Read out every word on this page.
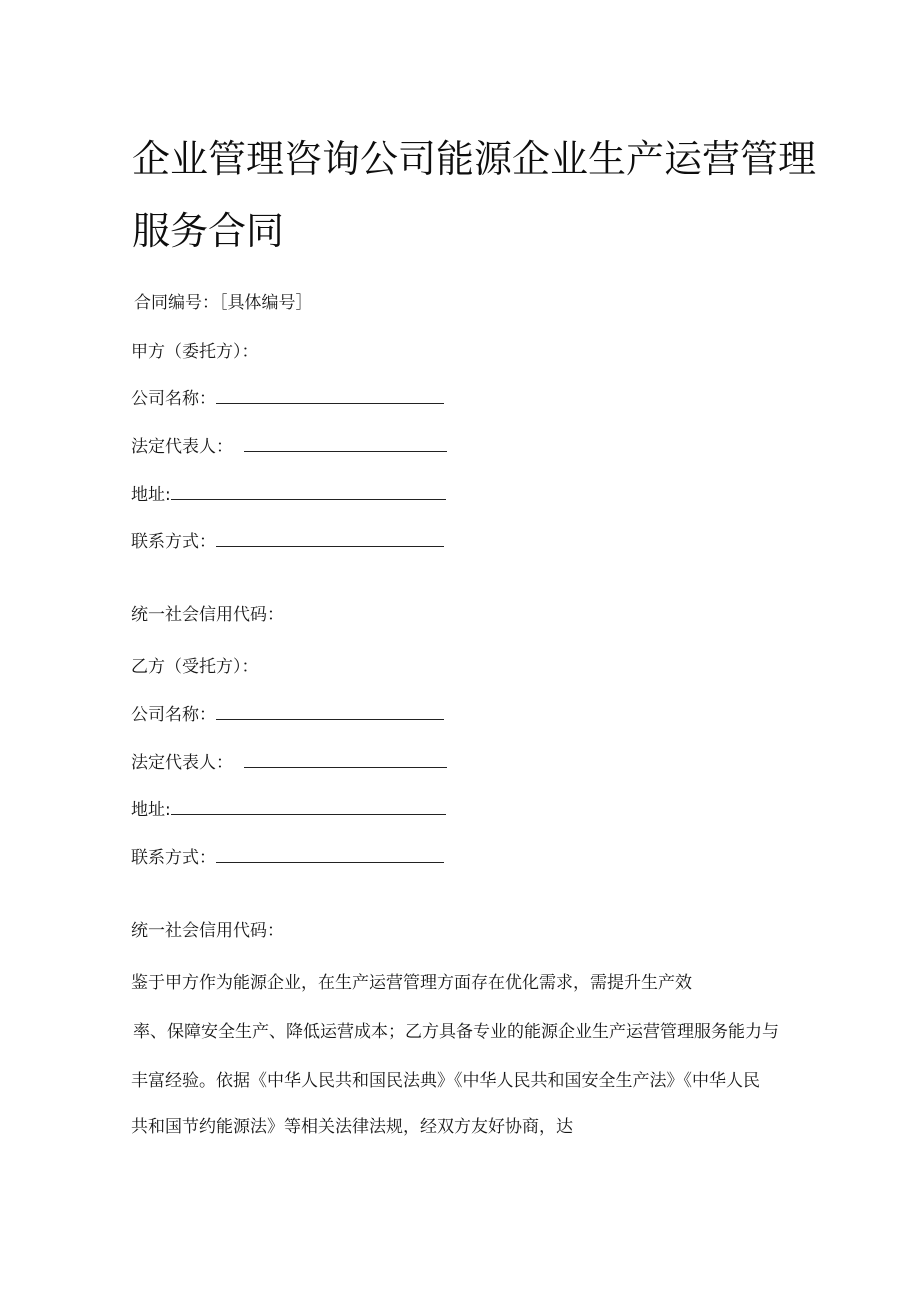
企业管理咨询公司能源企业生产运营管理
服务合同
合同编号：［具体编号］
甲方（委托方）：
公司名称：
法定代表人：
地址:
联系方式：
统一社会信用代码：
乙方（受托方）：
公司名称：
法定代表人：
地址:
联系方式：
统一社会信用代码：
鉴于甲方作为能源企业，在生产运营管理方面存在优化需求，需提升生产效
率、保障安全生产、降低运营成本；乙方具备专业的能源企业生产运营管理服务能力与
丰富经验。依据《中华人民共和国民法典》《中华人民共和国安全生产法》《中华人民
共和国节约能源法》等相关法律法规，经双方友好协商，达
